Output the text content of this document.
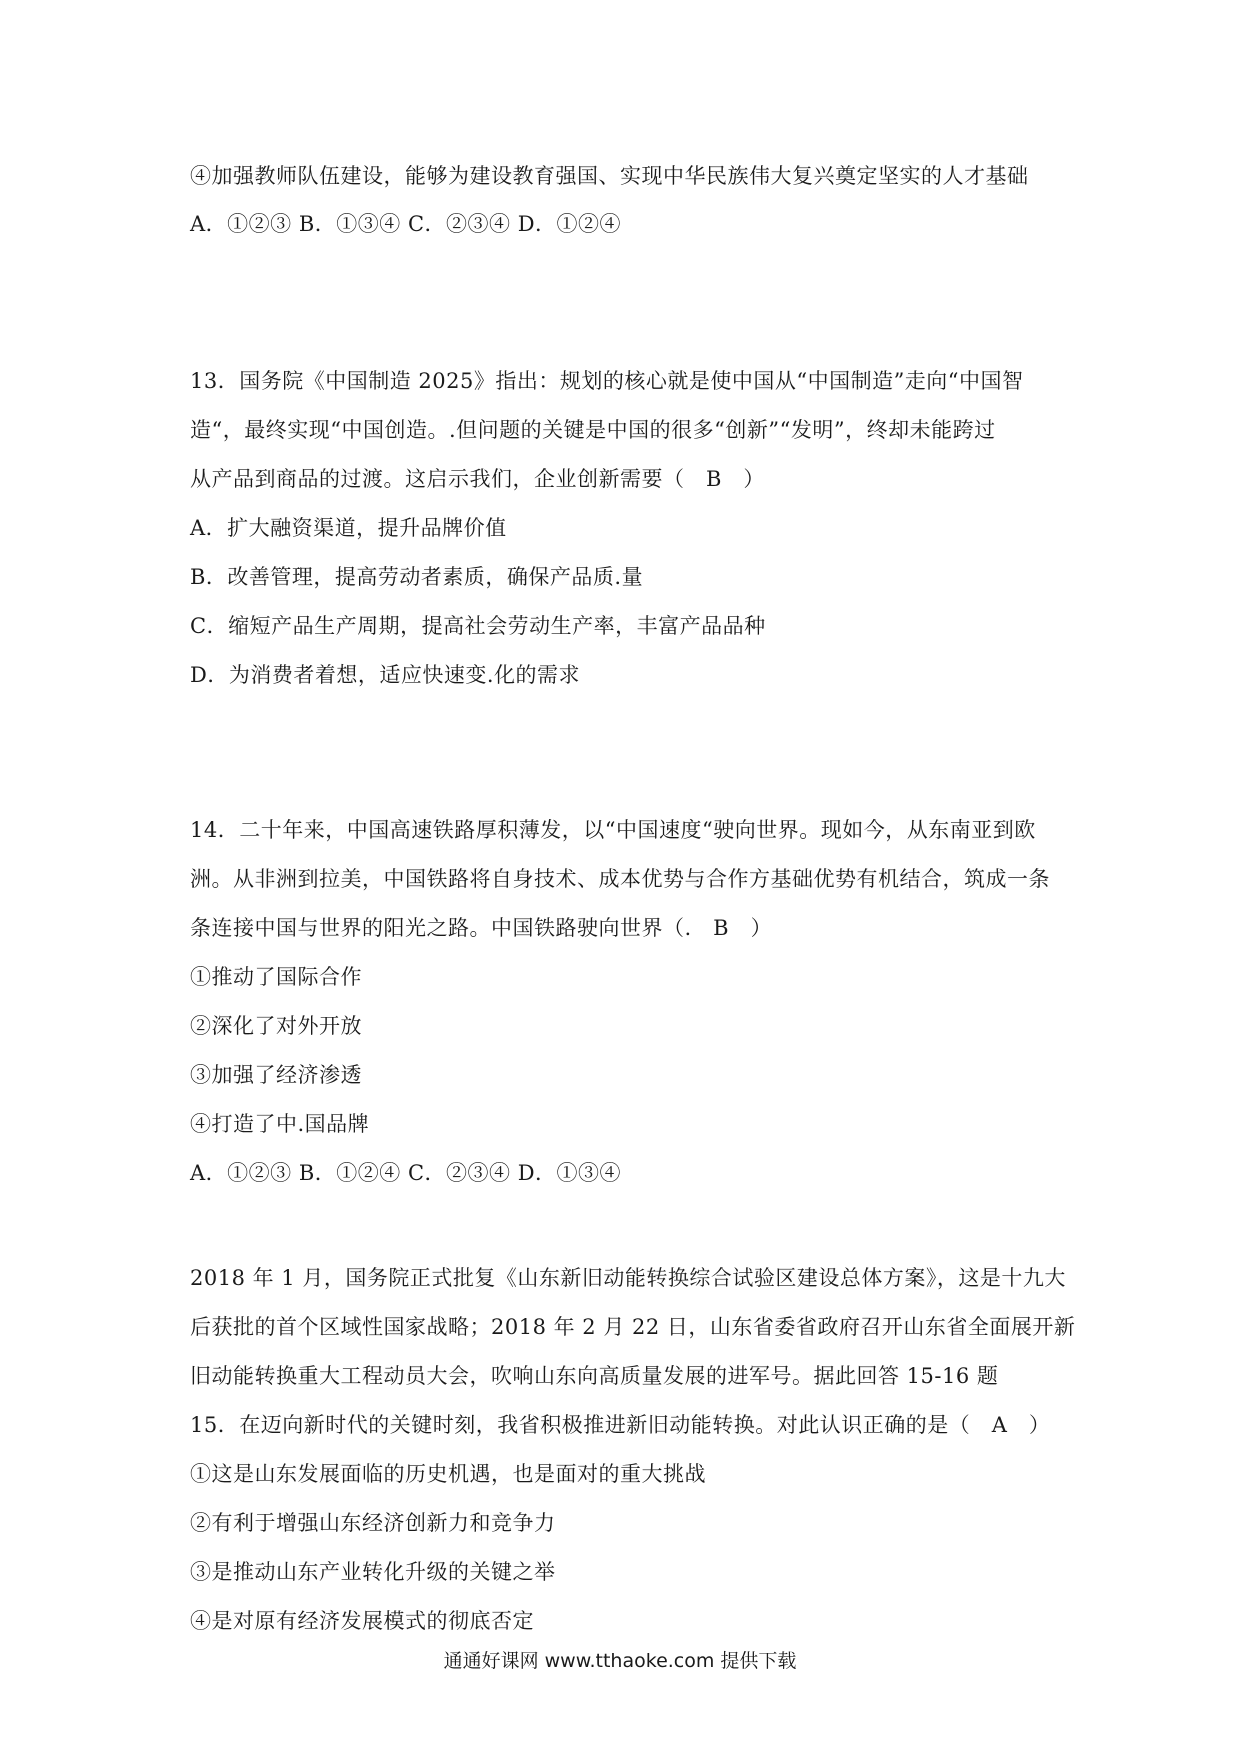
④加强教师队伍建设，能够为建设教育强国、实现中华民族伟大复兴奠定坚实的人才基础
A．①②③ B．①③④ C．②③④ D．①②④
13．国务院《中国制造 2025》指出：规划的核心就是使中国从“中国制造”走向“中国智
造“，最终实现“中国创造。.但问题的关键是中国的很多“创新”“发明”，终却未能跨过
从产品到商品的过渡。这启示我们，企业创新需要（　B　）
A．扩大融资渠道，提升品牌价值
B．改善管理，提高劳动者素质，确保产品质.量
C．缩短产品生产周期，提高社会劳动生产率，丰富产品品种
D．为消费者着想，适应快速变.化的需求
14．二十年来，中国高速铁路厚积薄发，以“中国速度“驶向世界。现如今，从东南亚到欧
洲。从非洲到拉美，中国铁路将自身技术、成本优势与合作方基础优势有机结合，筑成一条
条连接中国与世界的阳光之路。中国铁路驶向世界（.　B　）
①推动了国际合作
②深化了对外开放
③加强了经济渗透
④打造了中.国品牌
A．①②③ B．①②④ C．②③④ D．①③④
2018 年 1 月，国务院正式批复《山东新旧动能转换综合试验区建设总体方案》，这是十九大
后获批的首个区域性国家战略；2018 年 2 月 22 日，山东省委省政府召开山东省全面展开新
旧动能转换重大工程动员大会，吹响山东向高质量发展的进军号。据此回答 15-16 题
15．在迈向新时代的关键时刻，我省积极推进新旧动能转换。对此认识正确的是（　A　）
①这是山东发展面临的历史机遇，也是面对的重大挑战
②有利于增强山东经济创新力和竞争力
③是推动山东产业转化升级的关键之举
④是对原有经济发展模式的彻底否定
通通好课网 www.tthaoke.com 提供下载
